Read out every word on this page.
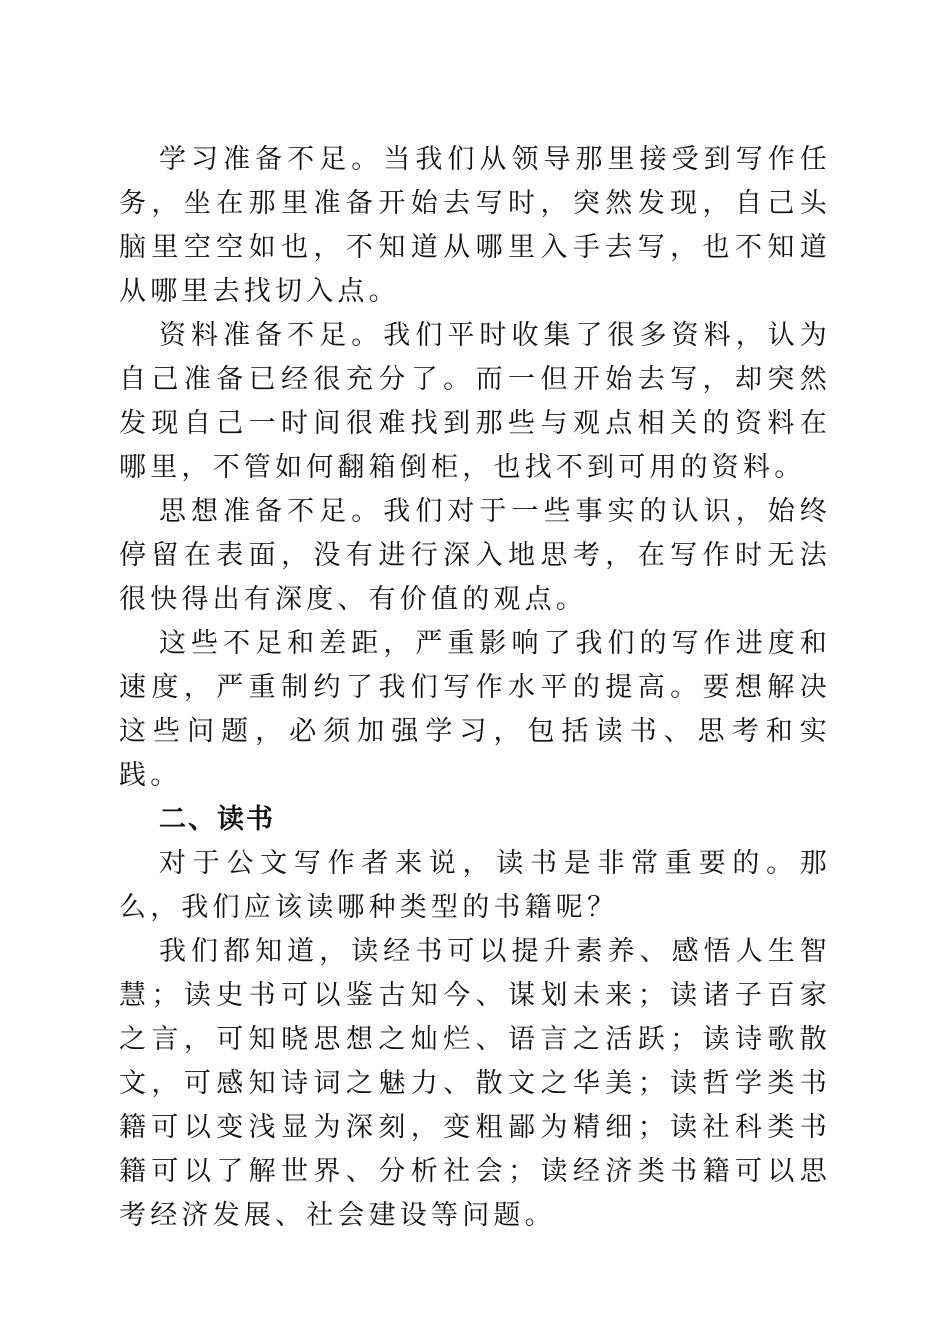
学习准备不足。当我们从领导那里接受到写作任务，坐在那里准备开始去写时，突然发现，自己头脑里空空如也，不知道从哪里入手去写，也不知道从哪里去找切入点。

资料准备不足。我们平时收集了很多资料，认为自己准备已经很充分了。而一但开始去写，却突然发现自己一时间很难找到那些与观点相关的资料在哪里，不管如何翻箱倒柜，也找不到可用的资料。

思想准备不足。我们对于一些事实的认识，始终停留在表面，没有进行深入地思考，在写作时无法很快得出有深度、有价值的观点。

这些不足和差距，严重影响了我们的写作进度和速度，严重制约了我们写作水平的提高。要想解决这些问题，必须加强学习，包括读书、思考和实践。

二、读书

对于公文写作者来说，读书是非常重要的。那么，我们应该读哪种类型的书籍呢？

我们都知道，读经书可以提升素养、感悟人生智慧；读史书可以鉴古知今、谋划未来；读诸子百家之言，可知晓思想之灿烂、语言之活跃；读诗歌散文，可感知诗词之魅力、散文之华美；读哲学类书籍可以变浅显为深刻，变粗鄙为精细；读社科类书籍可以了解世界、分析社会；读经济类书籍可以思考经济发展、社会建设等问题。
